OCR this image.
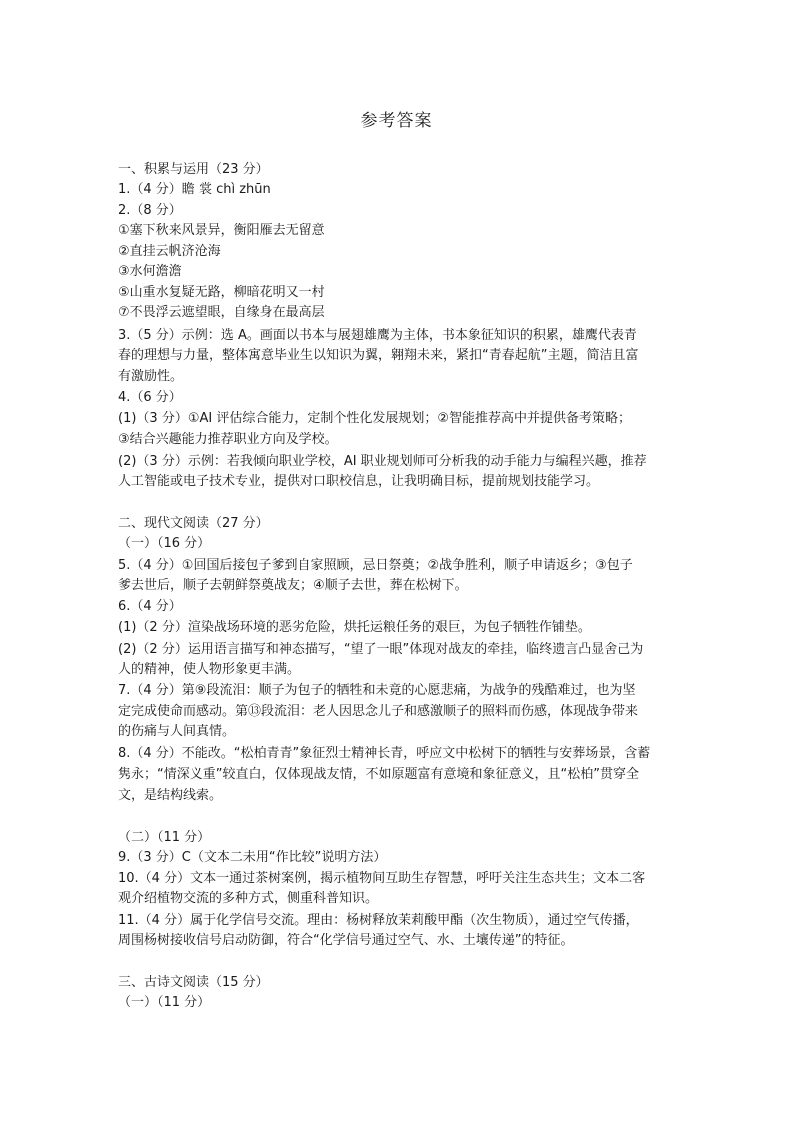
参考答案
一、积累与运用（23 分）
1.（4 分）瞻 裳 chì zhūn
2.（8 分）
①塞下秋来风景异，衡阳雁去无留意
②直挂云帆济沧海
③水何澹澹
⑤山重水复疑无路，柳暗花明又一村
⑦不畏浮云遮望眼，自缘身在最高层
3.（5 分）示例：选 A。画面以书本与展翅雄鹰为主体，书本象征知识的积累，雄鹰代表青
春的理想与力量，整体寓意毕业生以知识为翼，翱翔未来，紧扣“青春起航”主题，简洁且富
有激励性。
4.（6 分）
(1)（3 分）①AI 评估综合能力，定制个性化发展规划；②智能推荐高中并提供备考策略；
③结合兴趣能力推荐职业方向及学校。
(2)（3 分）示例：若我倾向职业学校，AI 职业规划师可分析我的动手能力与编程兴趣，推荐
人工智能或电子技术专业，提供对口职校信息，让我明确目标，提前规划技能学习。
二、现代文阅读（27 分）
（一）（16 分）
5.（4 分）①回国后接包子爹到自家照顾，忌日祭奠；②战争胜利，顺子申请返乡；③包子
爹去世后，顺子去朝鲜祭奠战友；④顺子去世，葬在松树下。
6.（4 分）
(1)（2 分）渲染战场环境的恶劣危险，烘托运粮任务的艰巨，为包子牺牲作铺垫。
(2)（2 分）运用语言描写和神态描写，“望了一眼”体现对战友的牵挂，临终遗言凸显舍己为
人的精神，使人物形象更丰满。
7.（4 分）第⑨段流泪：顺子为包子的牺牲和未竟的心愿悲痛，为战争的残酷难过，也为坚
定完成使命而感动。第⑬段流泪：老人因思念儿子和感激顺子的照料而伤感，体现战争带来
的伤痛与人间真情。
8.（4 分）不能改。“松柏青青”象征烈士精神长青，呼应文中松树下的牺牲与安葬场景，含蓄
隽永；“情深义重”较直白，仅体现战友情，不如原题富有意境和象征意义，且“松柏”贯穿全
文，是结构线索。
（二）（11 分）
9.（3 分）C（文本二未用“作比较”说明方法）
10.（4 分）文本一通过茶树案例，揭示植物间互助生存智慧，呼吁关注生态共生；文本二客
观介绍植物交流的多种方式，侧重科普知识。
11.（4 分）属于化学信号交流。理由：杨树释放茉莉酸甲酯（次生物质），通过空气传播，
周围杨树接收信号启动防御，符合“化学信号通过空气、水、土壤传递”的特征。
三、古诗文阅读（15 分）
（一）（11 分）
